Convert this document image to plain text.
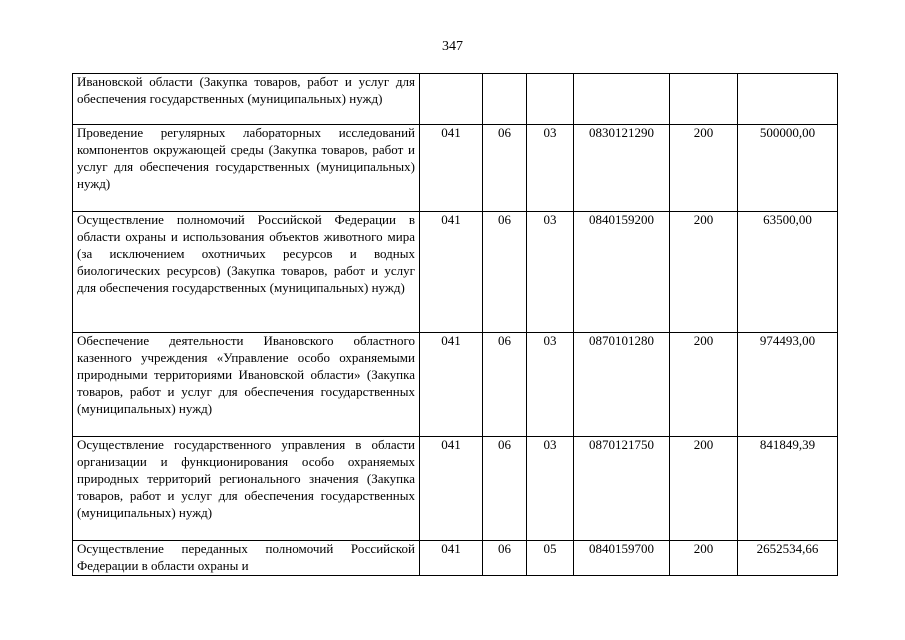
347
Ивановской области (Закупка товаров, работ и услуг для обеспечения государственных (муниципальных) нужд)						
Проведение регулярных лабораторных исследований компонентов окружающей среды (Закупка товаров, работ и услуг для обеспечения государственных (муниципальных) нужд)	041	06	03	0830121290	200	500000,00
Осуществление полномочий Российской Федерации в области охраны и использования объектов животного мира (за исключением охотничьих ресурсов и водных биологических ресурсов) (Закупка товаров, работ и услуг для обеспечения государственных (муниципальных) нужд)	041	06	03	0840159200	200	63500,00
Обеспечение деятельности Ивановского областного казенного учреждения «Управление особо охраняемыми природными территориями Ивановской области» (Закупка товаров, работ и услуг для обеспечения государственных (муниципальных) нужд)	041	06	03	0870101280	200	974493,00
Осуществление государственного управления в области организации и функционирования особо охраняемых природных территорий регионального значения (Закупка товаров, работ и услуг для обеспечения государственных (муниципальных) нужд)	041	06	03	0870121750	200	841849,39
Осуществление переданных полномочий Российской Федерации в области охраны и	041	06	05	0840159700	200	2652534,66
